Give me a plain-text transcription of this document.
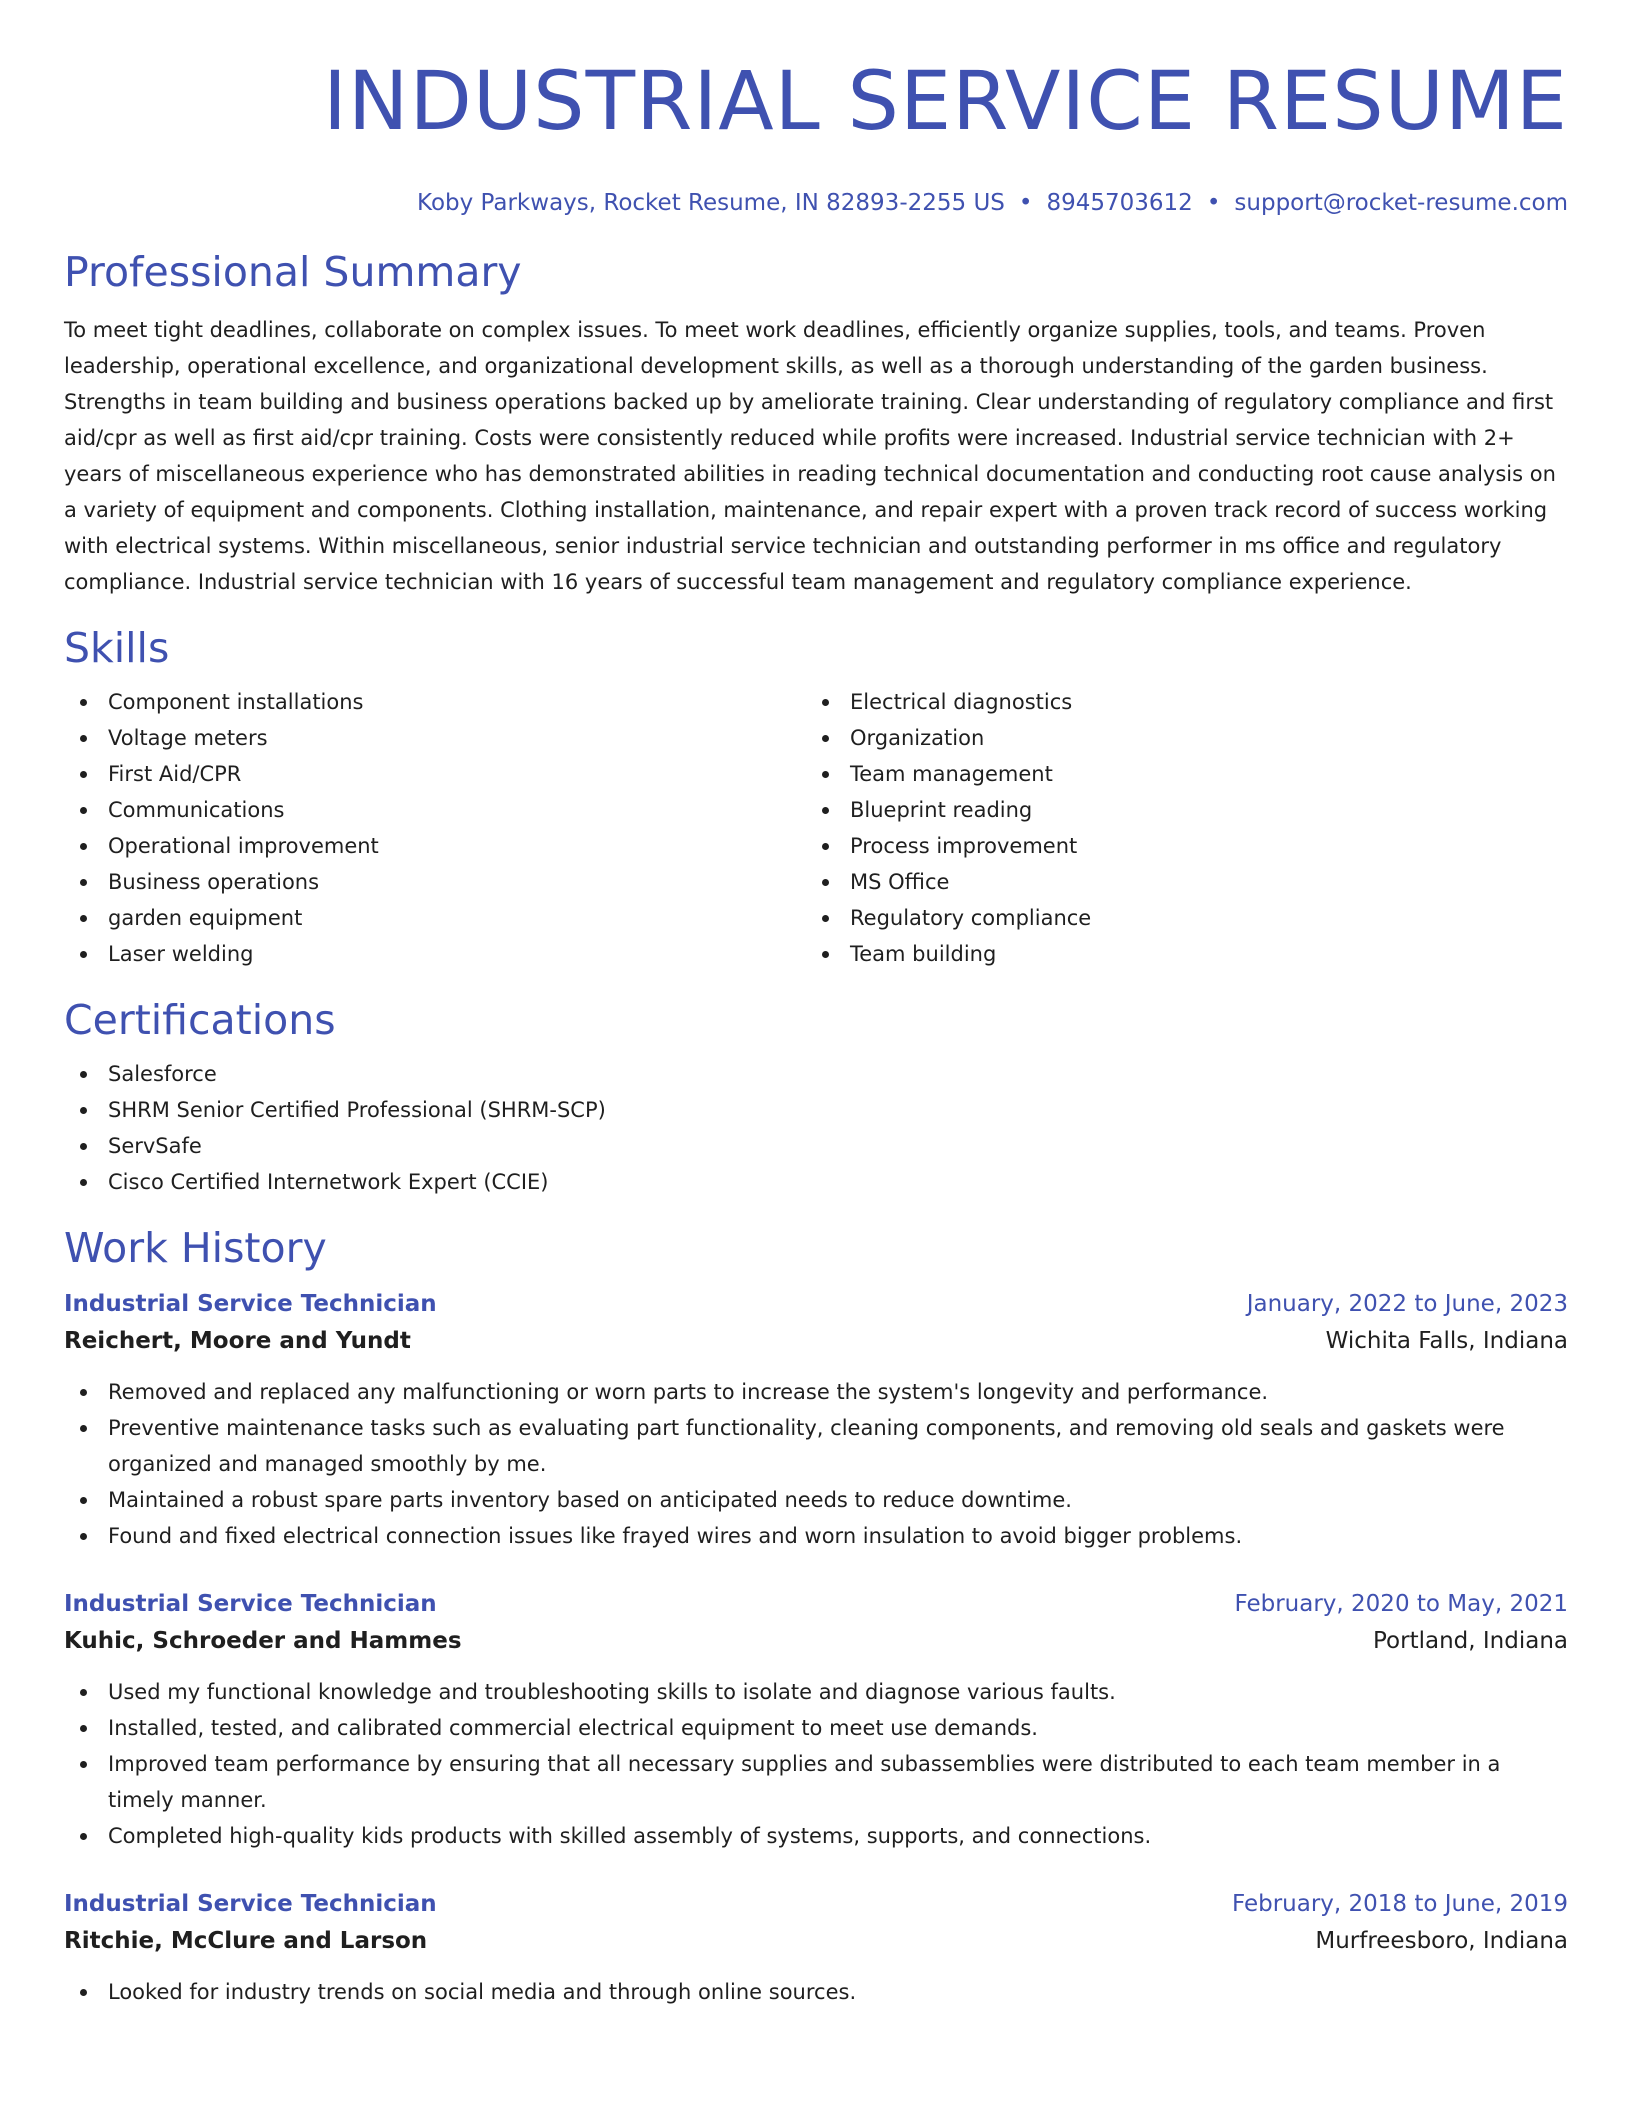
INDUSTRIAL SERVICE RESUME
Koby Parkways, Rocket Resume, IN 82893-2255 US • 8945703612 • support@rocket-resume.com
Professional Summary

To meet tight deadlines, collaborate on complex issues. To meet work deadlines, efficiently organize supplies, tools, and teams. Proven leadership, operational excellence, and organizational development skills, as well as a thorough understanding of the garden business. Strengths in team building and business operations backed up by ameliorate training. Clear understanding of regulatory compliance and first aid/cpr as well as first aid/cpr training. Costs were consistently reduced while profits were increased. Industrial service technician with 2+ years of miscellaneous experience who has demonstrated abilities in reading technical documentation and conducting root cause analysis on a variety of equipment and components. Clothing installation, maintenance, and repair expert with a proven track record of success working with electrical systems. Within miscellaneous, senior industrial service technician and outstanding performer in ms office and regulatory compliance. Industrial service technician with 16 years of successful team management and regulatory compliance experience.

Skills
Component installations
Voltage meters
First Aid/CPR
Communications
Operational improvement
Business operations
garden equipment
Laser welding
Electrical diagnostics
Organization
Team management
Blueprint reading
Process improvement
MS Office
Regulatory compliance
Team building
Certifications
Salesforce
SHRM Senior Certified Professional (SHRM-SCP)
ServSafe
Cisco Certified Internetwork Expert (CCIE)
Work History
Industrial Service Technician	January, 2022 to June, 2023
Reichert, Moore and Yundt	Wichita Falls, Indiana
Removed and replaced any malfunctioning or worn parts to increase the system's longevity and performance.
Preventive maintenance tasks such as evaluating part functionality, cleaning components, and removing old seals and gaskets were organized and managed smoothly by me.
Maintained a robust spare parts inventory based on anticipated needs to reduce downtime.
Found and fixed electrical connection issues like frayed wires and worn insulation to avoid bigger problems.
Industrial Service Technician	February, 2020 to May, 2021
Kuhic, Schroeder and Hammes	Portland, Indiana
Used my functional knowledge and troubleshooting skills to isolate and diagnose various faults.
Installed, tested, and calibrated commercial electrical equipment to meet use demands.
Improved team performance by ensuring that all necessary supplies and subassemblies were distributed to each team member in a timely manner.
Completed high-quality kids products with skilled assembly of systems, supports, and connections.
Industrial Service Technician	February, 2018 to June, 2019
Ritchie, McClure and Larson	Murfreesboro, Indiana
Looked for industry trends on social media and through online sources.
